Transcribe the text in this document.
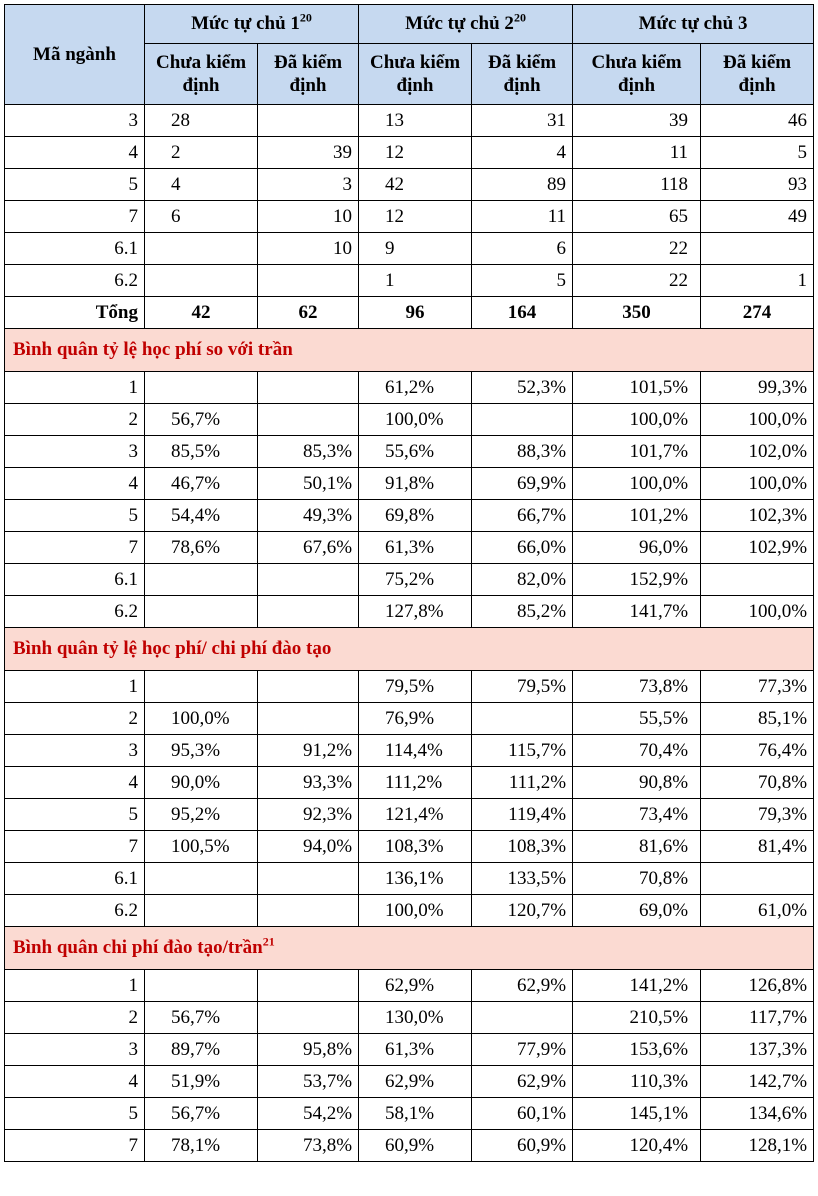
Mã ngành	Mức tự chủ $1^{20}$		Mức tự chủ $2^{20}$		Mức tự chủ 3	
	Chưa kiểm định	Đã kiểm định	Chưa kiểm định	Đã kiểm định	Chưa kiểm định	Đã kiểm định
3	28		13	31	39	46
4	2	39	12	4	11	5
5	4	3	42	89	118	93
7	6	10	12	11	65	49
6.1		10	9	6	22	
6.2			1	5	22	1
Tổng	42	62	96	164	350	274
Bình quân tỷ lệ học phí so với trần						
1			61,2%	52,3%	101,5%	99,3%
2	56,7%		100,0%		100,0%	100,0%
3	85,5%	85,3%	55,6%	88,3%	101,7%	102,0%
4	46,7%	50,1%	91,8%	69,9%	100,0%	100,0%
5	54,4%	49,3%	69,8%	66,7%	101,2%	102,3%
7	78,6%	67,6%	61,3%	66,0%	96,0%	102,9%
6.1			75,2%	82,0%	152,9%	
6.2			127,8%	85,2%	141,7%	100,0%
Bình quân tỷ lệ học phí/ chi phí đào tạo						
1			79,5%	79,5%	73,8%	77,3%
2	100,0%		76,9%		55,5%	85,1%
3	95,3%	91,2%	114,4%	115,7%	70,4%	76,4%
4	90,0%	93,3%	111,2%	111,2%	90,8%	70,8%
5	95,2%	92,3%	121,4%	119,4%	73,4%	79,3%
7	100,5%	94,0%	108,3%	108,3%	81,6%	81,4%
6.1			136,1%	133,5%	70,8%	
6.2			100,0%	120,7%	69,0%	61,0%
Bình quân chi phí đào tạo/trần$^{21}$
1			62,9%	62,9%	141,2%	126,8%
2	56,7%		130,0%		210,5%	117,7%
3	89,7%	95,8%	61,3%	77,9%	153,6%	137,3%
4	51,9%	53,7%	62,9%	62,9%	110,3%	142,7%
5	56,7%	54,2%	58,1%	60,1%	145,1%	134,6%
7	78,1%	73,8%	60,9%	60,9%	120,4%	128,1%
